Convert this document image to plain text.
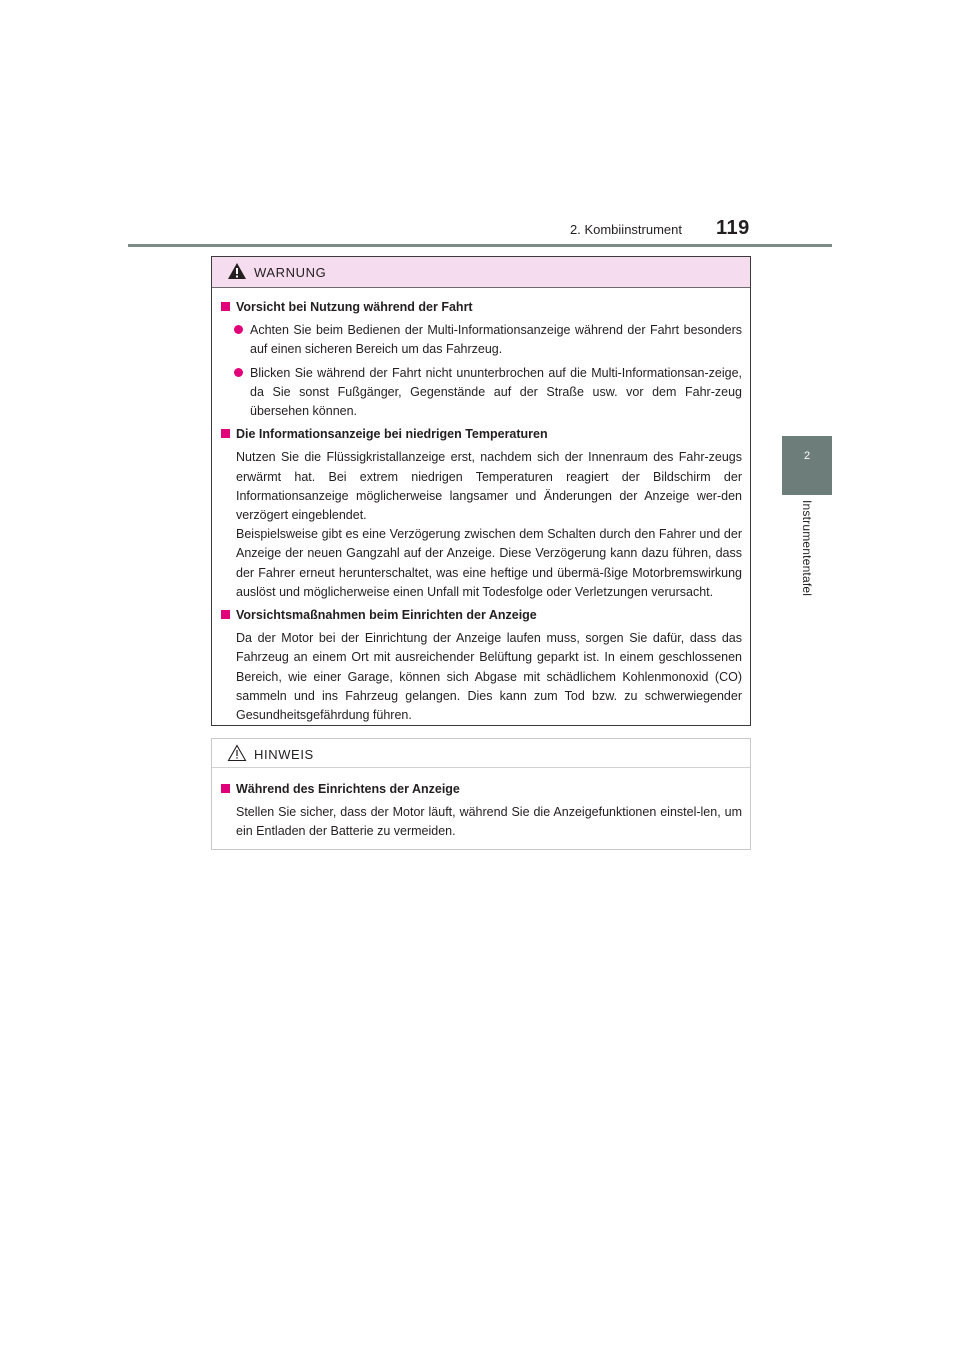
2. Kombiinstrument 119
2
Instrumententafel
WARNUNG
Vorsicht bei Nutzung während der Fahrt
Achten Sie beim Bedienen der Multi-Informationsanzeige während der Fahrt besonders auf einen sicheren Bereich um das Fahrzeug.
Blicken Sie während der Fahrt nicht ununterbrochen auf die Multi-Informationsan-zeige, da Sie sonst Fußgänger, Gegenstände auf der Straße usw. vor dem Fahr-zeug übersehen können.
Die Informationsanzeige bei niedrigen Temperaturen
Nutzen Sie die Flüssigkristallanzeige erst, nachdem sich der Innenraum des Fahr-zeugs erwärmt hat. Bei extrem niedrigen Temperaturen reagiert der Bildschirm der Informationsanzeige möglicherweise langsamer und Änderungen der Anzeige wer-den verzögert eingeblendet.
Beispielsweise gibt es eine Verzögerung zwischen dem Schalten durch den Fahrer und der Anzeige der neuen Gangzahl auf der Anzeige. Diese Verzögerung kann dazu führen, dass der Fahrer erneut herunterschaltet, was eine heftige und übermä-ßige Motorbremswirkung auslöst und möglicherweise einen Unfall mit Todesfolge oder Verletzungen verursacht.
Vorsichtsmaßnahmen beim Einrichten der Anzeige
Da der Motor bei der Einrichtung der Anzeige laufen muss, sorgen Sie dafür, dass das Fahrzeug an einem Ort mit ausreichender Belüftung geparkt ist. In einem geschlossenen Bereich, wie einer Garage, können sich Abgase mit schädlichem Kohlenmonoxid (CO) sammeln und ins Fahrzeug gelangen. Dies kann zum Tod bzw. zu schwerwiegender Gesundheitsgefährdung führen.
HINWEIS
Während des Einrichtens der Anzeige
Stellen Sie sicher, dass der Motor läuft, während Sie die Anzeigefunktionen einstel-len, um ein Entladen der Batterie zu vermeiden.
